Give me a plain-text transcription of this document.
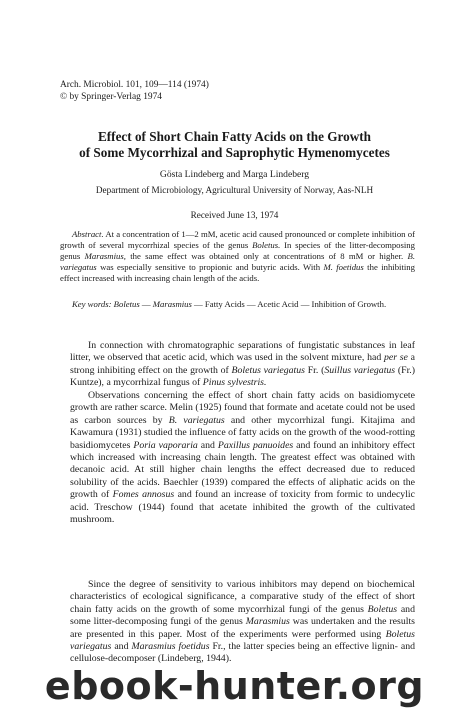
Arch. Microbiol. 101, 109—114 (1974)
© by Springer-Verlag 1974
Effect of Short Chain Fatty Acids on the Growth
of Some Mycorrhizal and Saprophytic Hymenomycetes
Gösta Lindeberg and Marga Lindeberg
Department of Microbiology, Agricultural University of Norway, Aas-NLH
Received June 13, 1974

Abstract. At a concentration of 1—2 mM, acetic acid caused pronounced or complete inhibition of growth of several mycorrhizal species of the genus Boletus. In species of the litter-decomposing genus Marasmius, the same effect was obtained only at concentrations of 8 mM or higher. B. variegatus was especially sensitive to propionic and butyric acids. With M. foetidus the inhibiting effect increased with increasing chain length of the acids.

Key words: Boletus — Marasmius — Fatty Acids — Acetic Acid — Inhibition of Growth.

In connection with chromatographic separations of fungistatic substances in leaf litter, we observed that acetic acid, which was used in the solvent mixture, had per se a strong inhibiting effect on the growth of Boletus variegatus Fr. (Suillus variegatus (Fr.) Kuntze), a mycorrhizal fungus of Pinus sylvestris.

Observations concerning the effect of short chain fatty acids on basidiomycete growth are rather scarce. Melin (1925) found that formate and acetate could not be used as carbon sources by B. variegatus and other mycorrhizal fungi. Kitajima and Kawamura (1931) studied the influence of fatty acids on the growth of the wood-rotting basidiomycetes Poria vaporaria and Paxillus panuoides and found an inhibitory effect which increased with increasing chain length. The greatest effect was obtained with decanoic acid. At still higher chain lengths the effect decreased due to reduced solubility of the acids. Baechler (1939) compared the effects of aliphatic acids on the growth of Fomes annosus and found an increase of toxicity from formic to undecylic acid. Treschow (1944) found that acetate inhibited the growth of the cultivated mushroom.

Since the degree of sensitivity to various inhibitors may depend on biochemical characteristics of ecological significance, a comparative study of the effect of short chain fatty acids on the growth of some mycorrhizal fungi of the genus Boletus and some litter-decomposing fungi of the genus Marasmius was undertaken and the results are presented in this paper. Most of the experiments were performed using Boletus variegatus and Marasmius foetidus Fr., the latter species being an effective lignin- and cellulose-decomposer (Lindeberg, 1944).

ebook-hunter.org
